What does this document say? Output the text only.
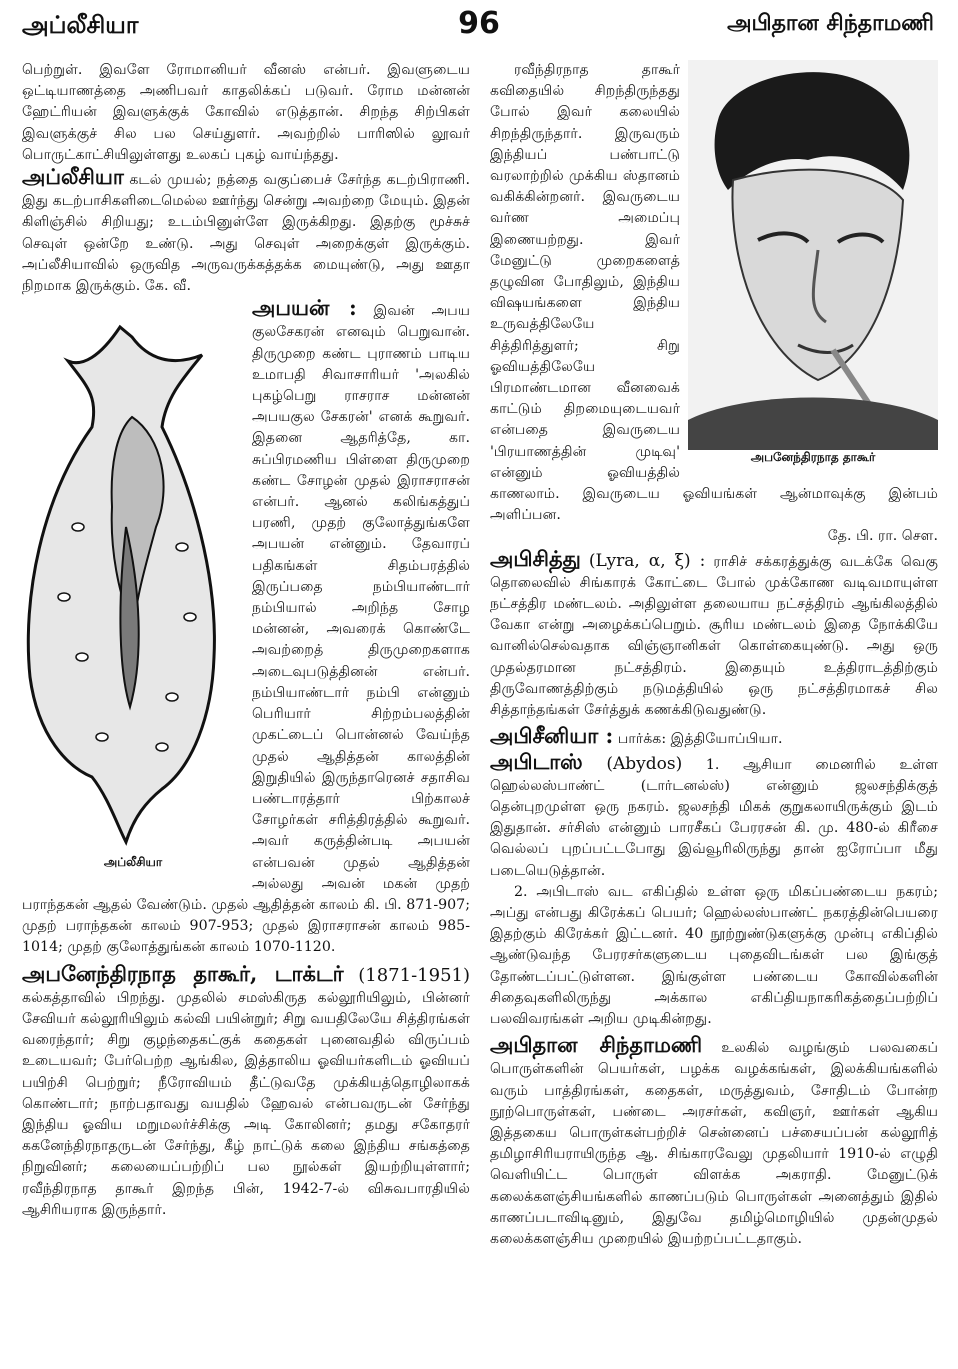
அப்லீசியா	96	அபிதான சிந்தாமணி

பெற்றுள். இவளே ரோமானியர் வீனஸ் என்பர். இவளுடைய ஒட்டியாணத்தை அணிபவர் காதலிக்கப் படுவர். ரோம மன்னன் ஹேட்ரியன் இவளுக்குக் கோவில் எடுத்தான். சிறந்த சிற்பிகள் இவளுக்குச் சில பல செய்துளர். அவற்றில் பாரிஸில் லூவர் பொருட்காட்சியிலுள்ளது உலகப் புகழ் வாய்ந்தது.

அப்லீசியா கடல் முயல்; நத்தை வகுப்பைச் சேர்ந்த கடற்பிராணி. இது கடற்பாசிகளிடைமெல்ல ஊர்ந்து சென்று அவற்றை மேயும். இதன் கிளிஞ்சில் சிறியது; உடம்பினுள்ளே இருக்கிறது. இதற்கு மூச்சுச் செவுள் ஒன்றே உண்டு. அது செவுள் அறைக்குள் இருக்கும். அப்லீசியாவில் ஒருவித அருவருக்கத்தக்க மையுண்டு, அது ஊதா நிறமாக இருக்கும். கே. வீ.

அப்லீசியா

அபயன் : இவன் அபய குலசேகரன் எனவும் பெறுவான். திருமுறை கண்ட புராணம் பாடிய உமாபதி சிவாசாரியர் 'அலகில் புகழ்பெறு ராசராச மன்னன் அபயகுல சேகரன்' எனக் கூறுவர். இதனை ஆதரித்தே, கா. சுப்பிரமணிய பிள்ளை திருமுறை கண்ட சோழன் முதல் இராசராசன் என்பர். ஆனல் கலிங்கத்துப் பரணி, முதற் குலோத்துங்களே அபயன் என்னும். தேவாரப் பதிகங்கள் சிதம்பரத்தில் இருப்பதை நம்பியாண்டார் நம்பியால் அறிந்த சோழ மன்னன், அவரைக் கொண்டே அவற்றைத் திருமுறைகளாக அடைவுபடுத்தினன் என்பர். நம்பியாண்டார் நம்பி என்னும் பெரியார் சிற்றம்பலத்தின் முகட்டைப் பொன்னல் வேய்ந்த முதல் ஆதித்தன் காலத்தின் இறுதியில் இருந்தாரெனச் சதாசிவ பண்டாரத்தார் பிற்காலச் சோழர்கள் சரித்திரத்தில் கூறுவர். அவர் கருத்தின்படி அபயன் என்பவன் முதல் ஆதித்தன் அல்லது அவன் மகன் முதற் பராந்தகன் ஆதல் வேண்டும். முதல் ஆதித்தன் காலம் கி. பி. 871-907; முதற் பராந்தகன் காலம் 907-953; முதல் இராசராசன் காலம் 985-1014; முதற் குலோத்துங்கன் காலம் 1070-1120.

அபனேந்திரநாத தாகூர், டாக்டர் (1871-1951) கல்கத்தாவில் பிறந்து. முதலில் சமஸ்கிருத கல்லூரியிலும், பின்னர் சேவியர் கல்லூரியிலும் கல்வி பயின்றுர்; சிறு வயதிலேயே சித்திரங்கள் வரைந்தார்; சிறு குழந்தைகட்குக் கதைகள் புனைவதில் விருப்பம் உடையவர்; பேர்பெற்ற ஆங்கில, இத்தாலிய ஓவியர்களிடம் ஓவியப் பயிற்சி பெற்றுர்; நீரோவியம் தீட்டுவதே முக்கியத்தொழிலாகக் கொண்டார்; நாற்பதாவது வயதில் ஹேவல் என்பவருடன் சேர்ந்து இந்திய ஓவிய மறுமலர்ச்சிக்கு அடி கோலினர்; தமது சகோதரர் ககனேந்திரநாதருடன் சேர்ந்து, கீழ் நாட்டுக் கலை இந்திய சங்கத்தை நிறுவினர்; கலையைப்பற்றிப் பல நூல்கள் இயற்றியுள்ளார்; ரவீந்திரநாத தாகூர் இறந்த பின், 1942-7-ல் விசுவபாரதியில் ஆசிரியராக இருந்தார்.

அபனேந்திரநாத தாகூர்

ரவீந்திரநாத தாகூர் கவிதையில் சிறந்திருந்தது போல் இவர் கலையில் சிறந்திருந்தார். இருவரும் இந்தியப் பண்பாட்டு வரலாற்றில் முக்கிய ஸ்தானம் வகிக்கின்றனர். இவருடைய வர்ண அமைப்பு இணையற்றது. இவர் மேனுட்டு முறைகளைத் தழுவின போதிலும், இந்திய விஷயங்களை இந்திய உருவத்திலேயே சித்திரித்துளர்; சிறு ஓவியத்திலேயே பிரமாண்டமான வீனவைக் காட்டும் திறமையுடையவர் என்பதை இவருடைய 'பிரயாணத்தின் முடிவு' என்னும் ஓவியத்தில் காணலாம். இவருடைய ஓவியங்கள் ஆன்மாவுக்கு இன்பம் அளிப்பன.

தே. பி. ரா. செள.

அபிசித்து (Lyra, α, ξ) : ராசிச் சக்கரத்துக்கு வடக்கே வெகு தொலைவில் சிங்காரக் கோட்டை போல் முக்கோண வடிவமாயுள்ள நட்சத்திர மண்டலம். அதிலுள்ள தலையாய நட்சத்திரம் ஆங்கிலத்தில் வேகா என்று அழைக்கப்பெறும். சூரிய மண்டலம் இதை நோக்கியே வானில்செல்வதாக விஞ்ஞானிகள் கொள்கையுண்டு. அது ஒரு முதல்தரமான நட்சத்திரம். இதையும் உத்திராடத்திற்கும் திருவோணத்திற்கும் நடுமத்தியில் ஒரு நட்சத்திரமாகச் சில சித்தாந்தங்கள் சேர்த்துக் கணக்கிடுவதுண்டு.

அபிசீனியா : பார்க்க: இத்தியோப்பியா.

அபிடாஸ் (Abydos) 1. ஆசியா மைனரில் உள்ள ஹெல்லஸ்பாண்ட் (டார்டனல்ஸ்) என்னும் ஜலசந்திக்குத் தென்புறமுள்ள ஒரு நகரம். ஜலசந்தி மிகக் குறுகலாயிருக்கும் இடம் இதுதான். சர்சிஸ் என்னும் பாரசீகப் பேரரசன் கி. மு. 480-ல் கிரீசை வெல்லப் புறப்பட்டபோது இவ்வூரிலிருந்து தான் ஐரோப்பா மீது படையெடுத்தான்.

2. அபிடாஸ் வட எகிப்தில் உள்ள ஒரு மிகப்பண்டைய நகரம்; அப்து என்பது கிரேக்கப் பெயர்; ஹெல்லஸ்பாண்ட் நகரத்தின்பெயரை இதற்கும் கிரேக்கர் இட்டனர். 40 நூற்றுண்டுகளுக்கு முன்பு எகிப்தில் ஆண்டுவந்த பேரரசர்களுடைய புதைவிடங்கள் பல இங்குத் தோண்டப்பட்டுள்ளன. இங்குள்ள பண்டைய கோவில்களின் சிதைவுகளிலிருந்து அக்கால எகிப்தியநாகரிகத்தைப்பற்றிப் பலவிவரங்கள் அறிய முடிகின்றது.

அபிதான சிந்தாமணி உலகில் வழங்கும் பலவகைப் பொருள்களின் பெயர்கள், பழக்க வழக்கங்கள், இலக்கியங்களில் வரும் பாத்திரங்கள், கதைகள், மருத்துவம், சோதிடம் போன்ற நூற்பொருள்கள், பண்டை அரசர்கள், கவிஞர், ஊர்கள் ஆகிய இத்தகைய பொருள்கள்பற்றிச் சென்னைப் பச்சையப்பன் கல்லூரித் தமிழாசிரியராயிருந்த ஆ. சிங்காரவேலு முதலியார் 1910-ல் எழுதி வெளியிட்ட பொருள் விளக்க அகராதி. மேனுட்டுக் கலைக்களஞ்சியங்களில் காணப்படும் பொருள்கள் அனைத்தும் இதில் காணப்படாவிடினும், இதுவே தமிழ்மொழியில் முதன்முதல் கலைக்களஞ்சிய முறையில் இயற்றப்பட்டதாகும்.
